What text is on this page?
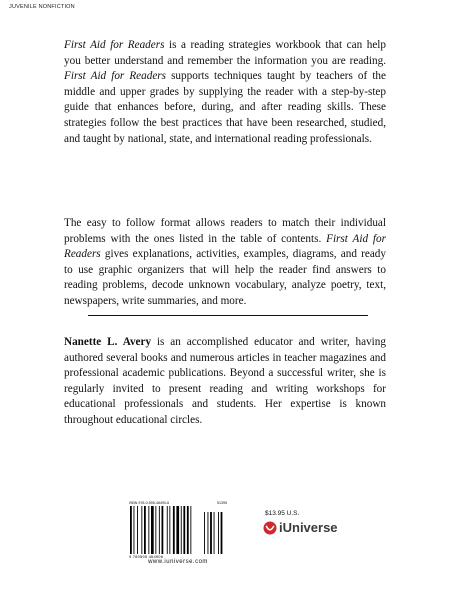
JUVENILE NONFICTION

First Aid for Readers is a reading strategies workbook that can help you better understand and remember the information you are reading. First Aid for Readers supports techniques taught by teachers of the middle and upper grades by supplying the reader with a step-by-step guide that enhances before, during, and after reading skills. These strategies follow the best practices that have been researched, studied, and taught by national, state, and international reading professionals.

The easy to follow format allows readers to match their individual problems with the ones listed in the table of contents. First Aid for Readers gives explanations, activities, examples, diagrams, and ready to use graphic organizers that will help the reader find answers to reading problems, decode unknown vocabulary, analyze poetry, text, newspapers, write summaries, and more.

Nanette L. Avery is an accomplished educator and writer, having authored several books and numerous articles in teacher magazines and professional academic publications. Beyond a successful writer, she is regularly invited to present reading and writing workshops for educational professionals and students. Her expertise is known throughout educational circles.

ISBN 978-0-595-46490-6	51395
9 780595 464906
www.iuniverse.com
$13.95 U.S.
iUniverse
